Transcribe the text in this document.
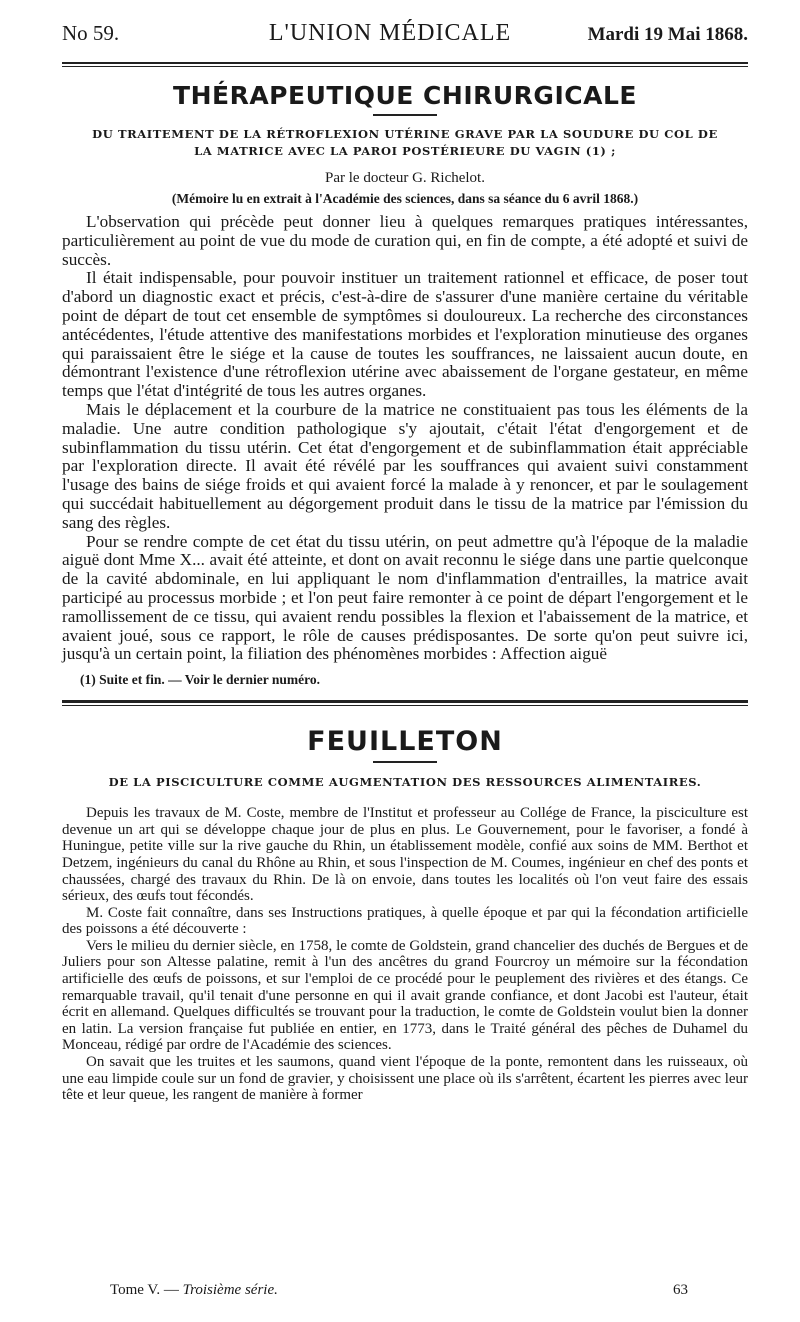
No 59.	L'UNION MÉDICALE	Mardi 19 Mai 1868.
THÉRAPEUTIQUE CHIRURGICALE

DU TRAITEMENT DE LA RÉTROFLEXION UTÉRINE GRAVE PAR LA SOUDURE DU COL DE
LA MATRICE AVEC LA PAROI POSTÉRIEURE DU VAGIN (1) ;

Par le docteur G. Richelot.
(Mémoire lu en extrait à l'Académie des sciences, dans sa séance du 6 avril 1868.)

L'observation qui précède peut donner lieu à quelques remarques pratiques intéressantes, particulièrement au point de vue du mode de curation qui, en fin de compte, a été adopté et suivi de succès.

Il était indispensable, pour pouvoir instituer un traitement rationnel et efficace, de poser tout d'abord un diagnostic exact et précis, c'est-à-dire de s'assurer d'une manière certaine du véritable point de départ de tout cet ensemble de symptômes si douloureux. La recherche des circonstances antécédentes, l'étude attentive des manifestations morbides et l'exploration minutieuse des organes qui paraissaient être le siége et la cause de toutes les souffrances, ne laissaient aucun doute, en démontrant l'existence d'une rétroflexion utérine avec abaissement de l'organe gestateur, en même temps que l'état d'intégrité de tous les autres organes.

Mais le déplacement et la courbure de la matrice ne constituaient pas tous les éléments de la maladie. Une autre condition pathologique s'y ajoutait, c'était l'état d'engorgement et de subinflammation du tissu utérin. Cet état d'engorgement et de subinflammation était appréciable par l'exploration directe. Il avait été révélé par les souffrances qui avaient suivi constamment l'usage des bains de siége froids et qui avaient forcé la malade à y renoncer, et par le soulagement qui succédait habituellement au dégorgement produit dans le tissu de la matrice par l'émission du sang des règles.

Pour se rendre compte de cet état du tissu utérin, on peut admettre qu'à l'époque de la maladie aiguë dont Mme X... avait été atteinte, et dont on avait reconnu le siége dans une partie quelconque de la cavité abdominale, en lui appliquant le nom d'inflammation d'entrailles, la matrice avait participé au processus morbide ; et l'on peut faire remonter à ce point de départ l'engorgement et le ramollissement de ce tissu, qui avaient rendu possibles la flexion et l'abaissement de la matrice, et avaient joué, sous ce rapport, le rôle de causes prédisposantes. De sorte qu'on peut suivre ici, jusqu'à un certain point, la filiation des phénomènes morbides : Affection aiguë

(1) Suite et fin. — Voir le dernier numéro.
FEUILLETON
DE LA PISCICULTURE COMME AUGMENTATION DES RESSOURCES ALIMENTAIRES.

Depuis les travaux de M. Coste, membre de l'Institut et professeur au Collége de France, la pisciculture est devenue un art qui se développe chaque jour de plus en plus. Le Gouvernement, pour le favoriser, a fondé à Huningue, petite ville sur la rive gauche du Rhin, un établissement modèle, confié aux soins de MM. Berthot et Detzem, ingénieurs du canal du Rhône au Rhin, et sous l'inspection de M. Coumes, ingénieur en chef des ponts et chaussées, chargé des travaux du Rhin. De là on envoie, dans toutes les localités où l'on veut faire des essais sérieux, des œufs tout fécondés.

M. Coste fait connaître, dans ses Instructions pratiques, à quelle époque et par qui la fécondation artificielle des poissons a été découverte :

Vers le milieu du dernier siècle, en 1758, le comte de Goldstein, grand chancelier des duchés de Bergues et de Juliers pour son Altesse palatine, remit à l'un des ancêtres du grand Fourcroy un mémoire sur la fécondation artificielle des œufs de poissons, et sur l'emploi de ce procédé pour le peuplement des rivières et des étangs. Ce remarquable travail, qu'il tenait d'une personne en qui il avait grande confiance, et dont Jacobi est l'auteur, était écrit en allemand. Quelques difficultés se trouvant pour la traduction, le comte de Goldstein voulut bien la donner en latin. La version française fut publiée en entier, en 1773, dans le Traité général des pêches de Duhamel du Monceau, rédigé par ordre de l'Académie des sciences.

On savait que les truites et les saumons, quand vient l'époque de la ponte, remontent dans les ruisseaux, où une eau limpide coule sur un fond de gravier, y choisissent une place où ils s'arrêtent, écartent les pierres avec leur tête et leur queue, les rangent de manière à former

Tome V. — Troisième série.	63
